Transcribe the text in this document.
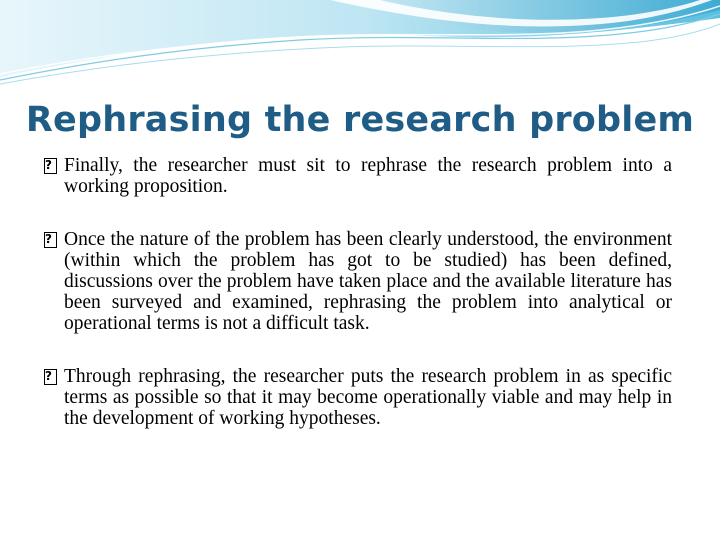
Rephrasing the research problem
? Finally, the researcher must sit to rephrase the research problem into a working proposition.
? Once the nature of the problem has been clearly understood, the environment (within which the problem has got to be studied) has been defined, discussions over the problem have taken place and the available literature has been surveyed and examined, rephrasing the problem into analytical or operational terms is not a difficult task.
? Through rephrasing, the researcher puts the research problem in as specific terms as possible so that it may become operationally viable and may help in the development of working hypotheses.
